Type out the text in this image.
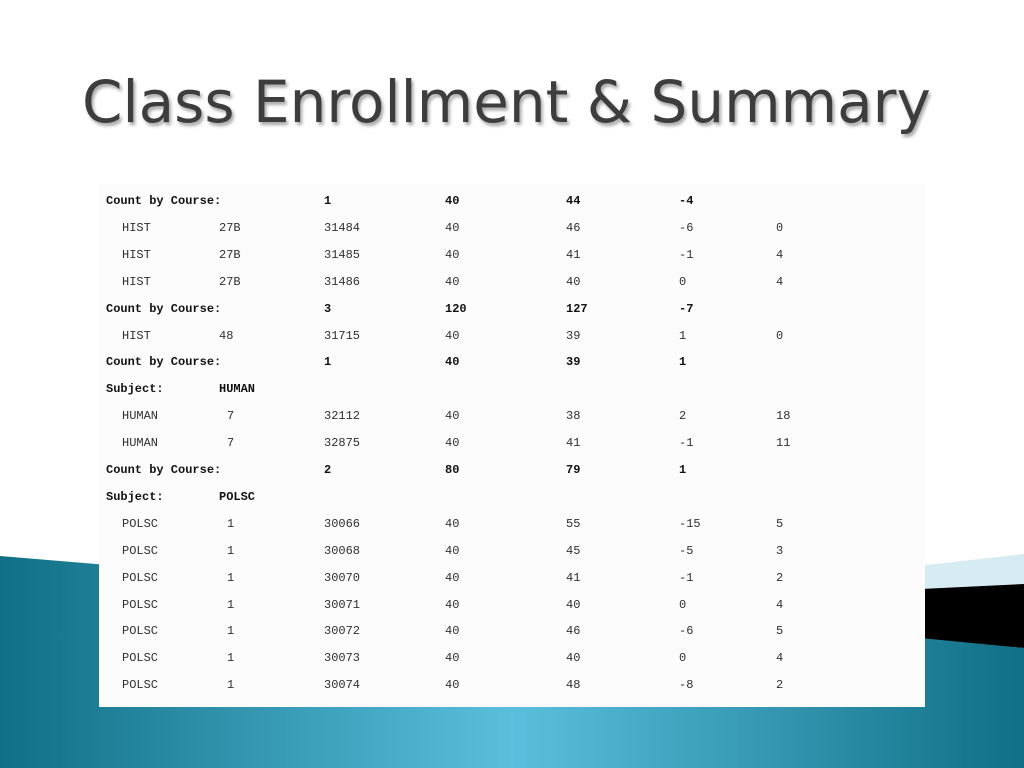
Class Enrollment & Summary
Count by Course:	1	40	44	-4
HIST	27B	31484	40	46	-6	0
HIST	27B	31485	40	41	-1	4
HIST	27B	31486	40	40	0	4
Count by Course:	3	120	127	-7
HIST	48	31715	40	39	1	0
Count by Course:	1	40	39	1
Subject:	HUMAN
HUMAN	7	32112	40	38	2	18
HUMAN	7	32875	40	41	-1	11
Count by Course:	2	80	79	1
Subject:	POLSC
POLSC	1	30066	40	55	-15	5
POLSC	1	30068	40	45	-5	3
POLSC	1	30070	40	41	-1	2
POLSC	1	30071	40	40	0	4
POLSC	1	30072	40	46	-6	5
POLSC	1	30073	40	40	0	4
POLSC	1	30074	40	48	-8	2
